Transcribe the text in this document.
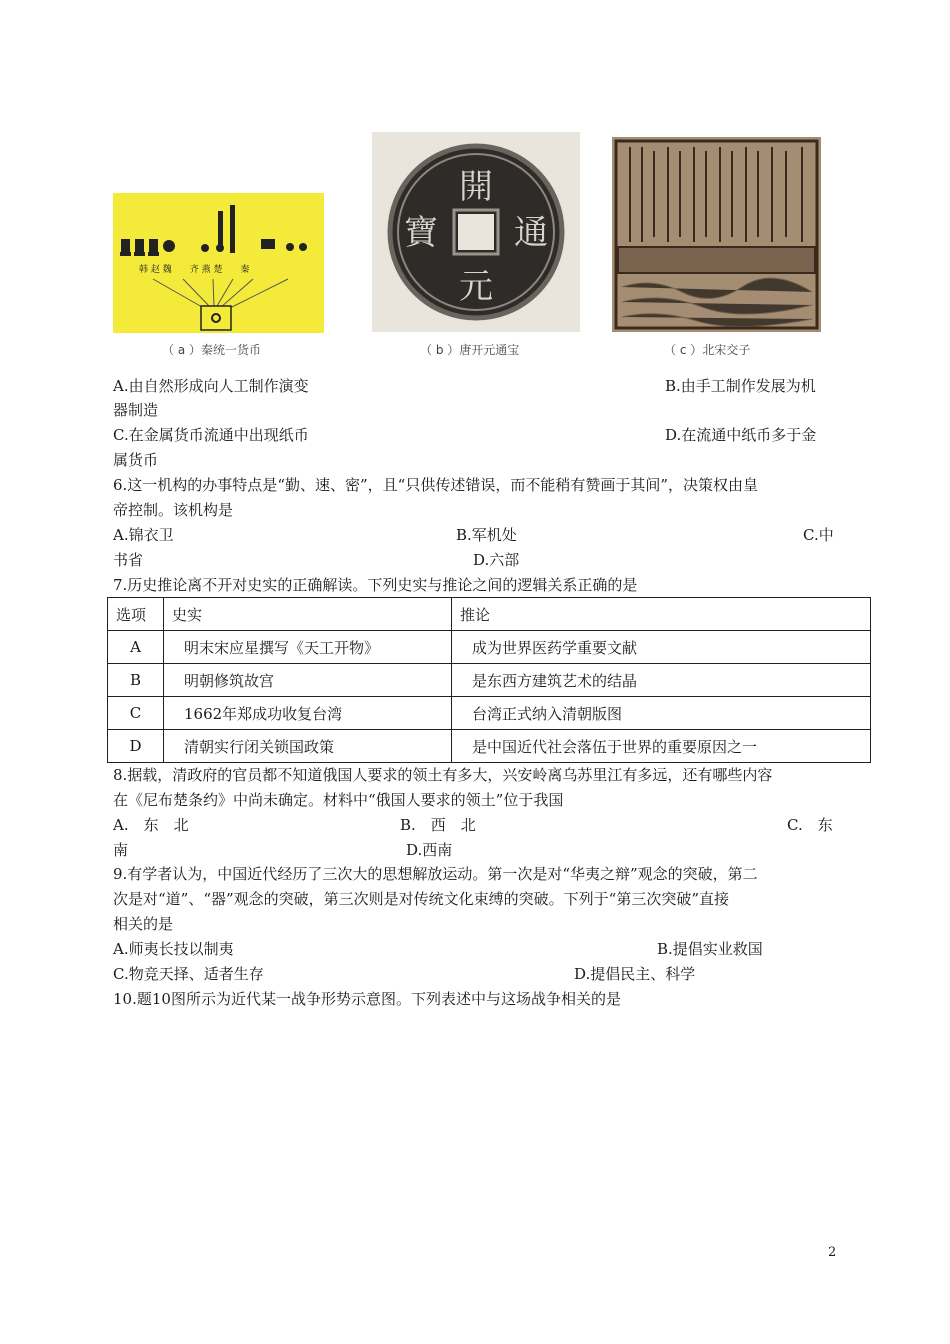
韩 赵 魏　　齐 燕 楚　　秦
（ a ）秦统一货币
開
通
元
寶
（ b ）唐开元通宝	（ c ）北宋交子
A.由自然形成向人工制作演变	B.由手工制作发展为机
器制造
C.在金属货币流通中出现纸币	D.在流通中纸币多于金
属货币
6.这一机构的办事特点是“勤、速、密”，且“只供传述错误，而不能稍有赞画于其间”，决策权由皇
帝控制。该机构是
A.锦衣卫	B.军机处	C.中
书省	D.六部
7.历史推论离不开对史实的正确解读。下列史实与推论之间的逻辑关系正确的是
选项	史实	推论
A	明末宋应星撰写《天工开物》	成为世界医药学重要文献
B	明朝修筑故宫	是东西方建筑艺术的结晶
C	1662年郑成功收复台湾	台湾正式纳入清朝版图
D	清朝实行闭关锁国政策	是中国近代社会落伍于世界的重要原因之一
8.据载，清政府的官员都不知道俄国人要求的领土有多大，兴安岭离乌苏里江有多远，还有哪些内容
在《尼布楚条约》中尚未确定。材料中“俄国人要求的领土”位于我国
A.　东　北	B.　西　北	C.　东
南	D.西南
9.有学者认为，中国近代经历了三次大的思想解放运动。第一次是对“华夷之辩”观念的突破，第二
次是对“道”、“器”观念的突破，第三次则是对传统文化束缚的突破。下列于“第三次突破”直接
相关的是
A.师夷长技以制夷	B.提倡实业救国
C.物竞天择、适者生存	D.提倡民主、科学
10.题10图所示为近代某一战争形势示意图。下列表述中与这场战争相关的是
2
